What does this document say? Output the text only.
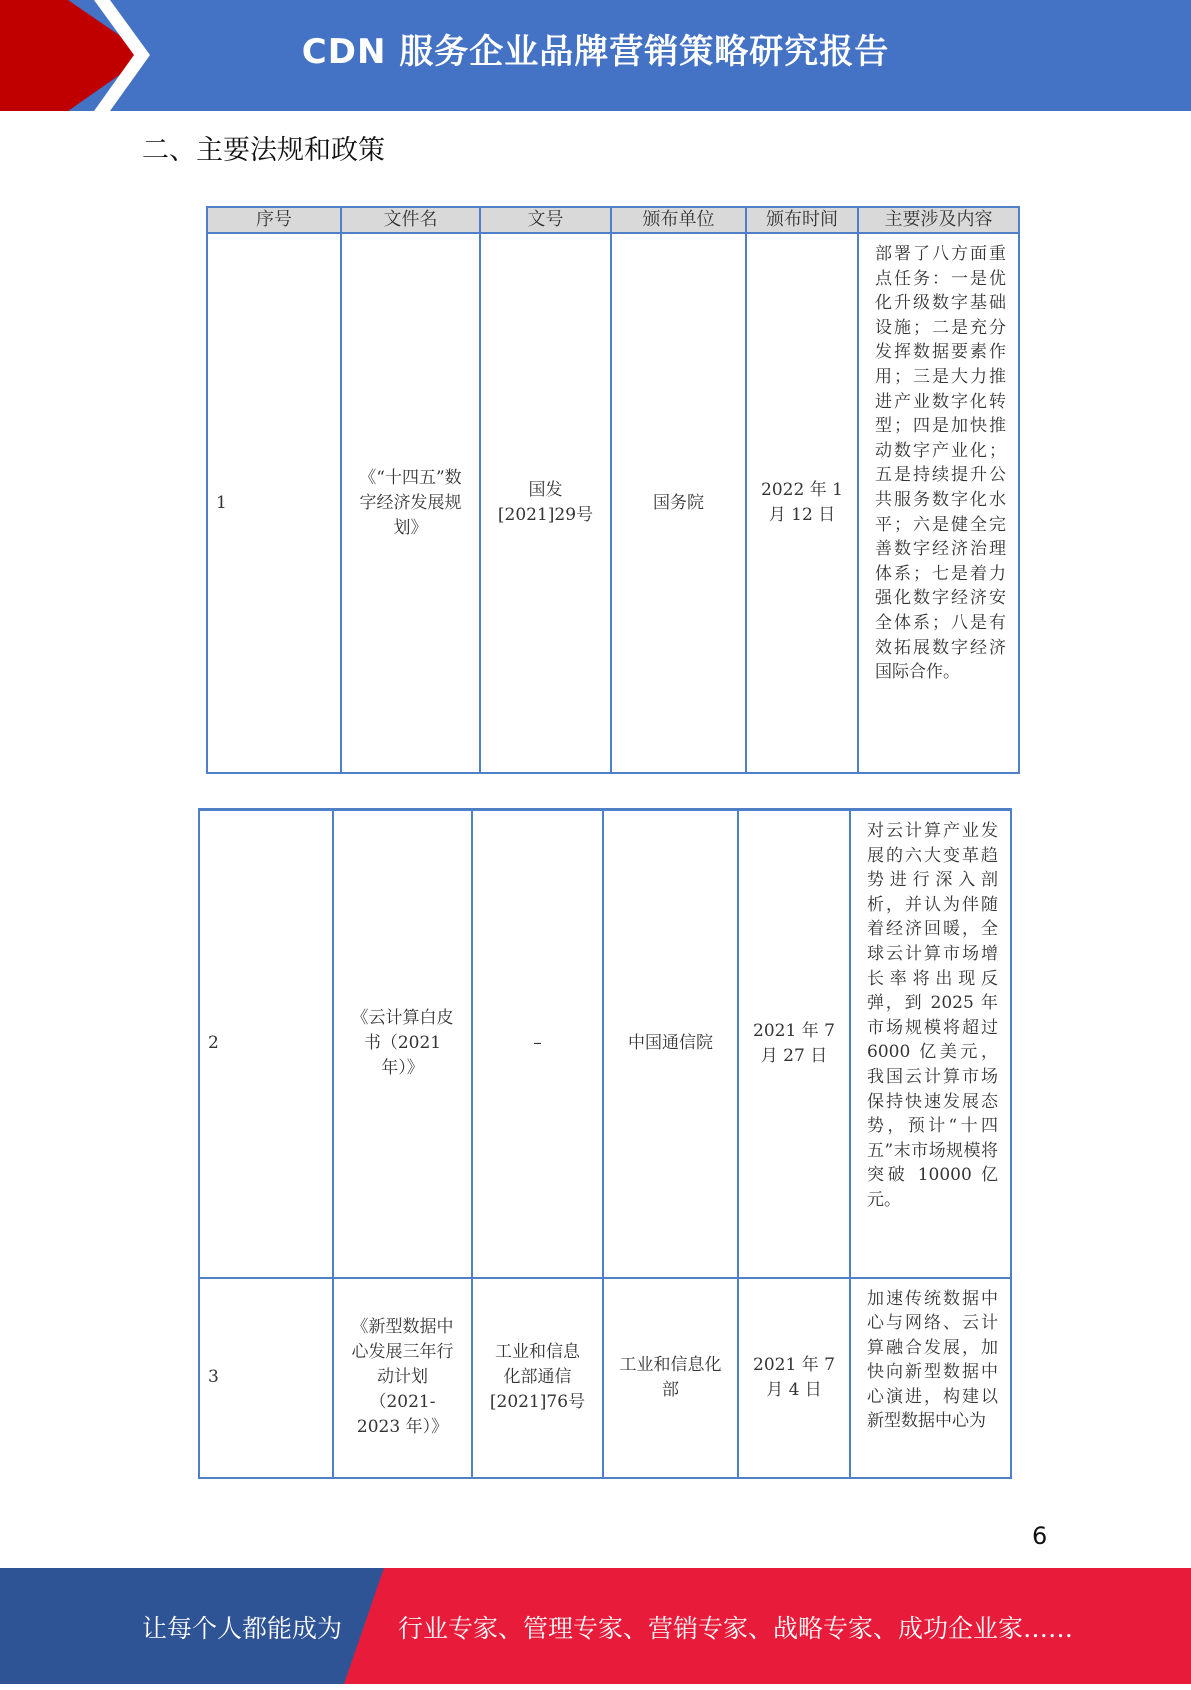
CDN 服务企业品牌营销策略研究报告
二、主要法规和政策
序号	文件名	文号	颁布单位	颁布时间	主要涉及内容
1	《“十四五”数字经济发展规划》	国发[2021]29号	国务院	2022 年 1 月 12 日	部署了八方面重点任务：一是优化升级数字基础设施；二是充分发挥数据要素作用；三是大力推进产业数字化转型；四是加快推动数字产业化；五是持续提升公共服务数字化水平；六是健全完善数字经济治理体系；七是着力强化数字经济安全体系；八是有效拓展数字经济国际合作。
2	《云计算白皮书（2021 年）》	–	中国通信院	2021 年 7 月 27 日	对云计算产业发展的六大变革趋势进行深入剖析，并认为伴随着经济回暖，全球云计算市场增长率将出现反弹，到 2025 年市场规模将超过 6000 亿美元，我国云计算市场保持快速发展态势，预计“十四五”末市场规模将突破 10000 亿元。
3	《新型数据中心发展三年行动计划（2021-2023 年）》	工业和信息化部通信[2021]76号	工业和信息化部	2021 年 7 月 4 日	加速传统数据中心与网络、云计算融合发展，加快向新型数据中心演进，构建以新型数据中心为
6
让每个人都能成为 行业专家、管理专家、营销专家、战略专家、成功企业家……
